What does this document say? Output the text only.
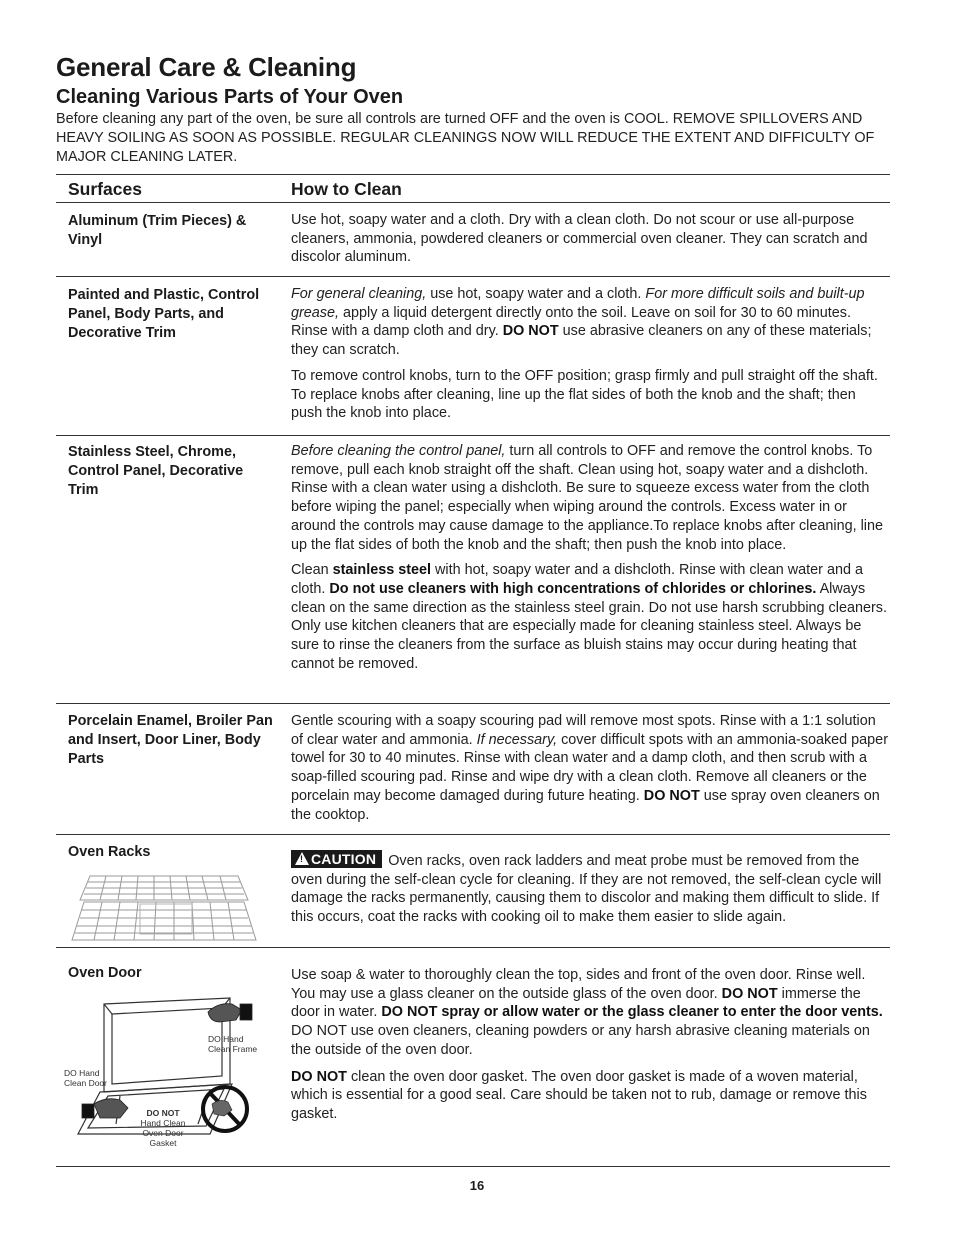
General Care & Cleaning
Cleaning Various Parts of Your Oven
Before cleaning any part of the oven, be sure all controls are turned OFF and the oven is COOL. REMOVE SPILLOVERS AND HEAVY SOILING AS SOON AS POSSIBLE. REGULAR CLEANINGS NOW WILL REDUCE THE EXTENT AND DIFFICULTY OF MAJOR CLEANING LATER.
Surfaces	How to Clean
Aluminum (Trim Pieces) & Vinyl
Use hot, soapy water and a cloth. Dry with a clean cloth. Do not scour or use all-purpose cleaners, ammonia, powdered cleaners or commercial oven cleaner. They can scratch and discolor aluminum.
Painted and Plastic, Control Panel, Body Parts, and Decorative Trim
For general cleaning, use hot, soapy water and a cloth. For more difficult soils and built-up grease, apply a liquid detergent directly onto the soil. Leave on soil for 30 to 60 minutes. Rinse with a damp cloth and dry. DO NOT use abrasive cleaners on any of these materials; they can scratch.
To remove control knobs, turn to the OFF position; grasp firmly and pull straight off the shaft. To replace knobs after cleaning, line up the flat sides of both the knob and the shaft; then push the knob into place.
Stainless Steel, Chrome, Control Panel, Decorative Trim
Before cleaning the control panel, turn all controls to OFF and remove the control knobs. To remove, pull each knob straight off the shaft. Clean using hot, soapy water and a dishcloth. Rinse with a clean water using a dishcloth. Be sure to squeeze excess water from the cloth before wiping the panel; especially when wiping around the controls. Excess water in or around the controls may cause damage to the appliance.To replace knobs after cleaning, line up the flat sides of both the knob and the shaft; then push the knob into place.
Clean stainless steel with hot, soapy water and a dishcloth. Rinse with clean water and a cloth. Do not use cleaners with high concentrations of chlorides or chlorines. Always clean on the same direction as the stainless steel grain. Do not use harsh scrubbing cleaners. Only use kitchen cleaners that are especially made for cleaning stainless steel. Always be sure to rinse the cleaners from the surface as bluish stains may occur during heating that cannot be removed.
Porcelain Enamel, Broiler Pan and Insert, Door Liner, Body Parts
Gentle scouring with a soapy scouring pad will remove most spots. Rinse with a 1:1 solution of clear water and ammonia. If necessary, cover difficult spots with an ammonia-soaked paper towel for 30 to 40 minutes. Rinse with clean water and a damp cloth, and then scrub with a soap-filled scouring pad. Rinse and wipe dry with a clean cloth. Remove all cleaners or the porcelain may become damaged during future heating. DO NOT use spray oven cleaners on the cooktop.
Oven Racks	! CAUTION Oven racks, oven rack ladders and meat probe must be removed from the oven during the self-clean cycle for cleaning. If they are not removed, the self-clean cycle will damage the racks permanently, causing them to discolor and making them difficult to slide. If this occurs, coat the racks with cooking oil to make them easier to slide again.
Oven Door
DO Hand
Clean Frame
DO Hand
Clean Door
DO NOT
Hand Clean
Oven Door
Gasket
Use soap & water to thoroughly clean the top, sides and front of the oven door. Rinse well. You may use a glass cleaner on the outside glass of the oven door. DO NOT immerse the door in water. DO NOT spray or allow water or the glass cleaner to enter the door vents. DO NOT use oven cleaners, cleaning powders or any harsh abrasive cleaning materials on the outside of the oven door.
DO NOT clean the oven door gasket. The oven door gasket is made of a woven material, which is essential for a good seal. Care should be taken not to rub, damage or remove this gasket.
16
